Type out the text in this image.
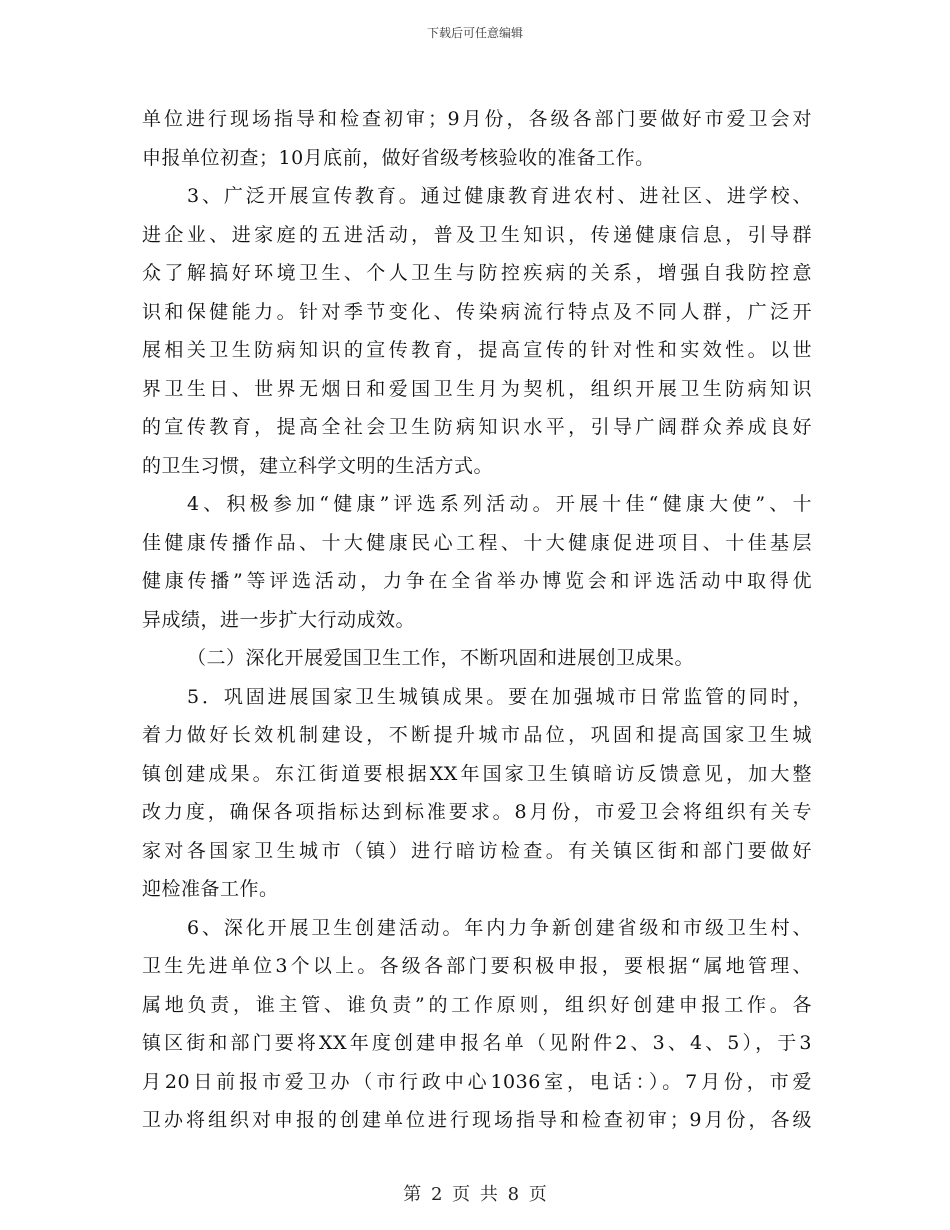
下载后可任意编辑
单位进行现场指导和检查初审；9月份，各级各部门要做好市爱卫会对
申报单位初查；10月底前，做好省级考核验收的准备工作。
3、广泛开展宣传教育。通过健康教育进农村、进社区、进学校、
进企业、进家庭的五进活动，普及卫生知识，传递健康信息，引导群
众了解搞好环境卫生、个人卫生与防控疾病的关系，增强自我防控意
识和保健能力。针对季节变化、传染病流行特点及不同人群，广泛开
展相关卫生防病知识的宣传教育，提高宣传的针对性和实效性。以世
界卫生日、世界无烟日和爱国卫生月为契机，组织开展卫生防病知识
的宣传教育，提高全社会卫生防病知识水平，引导广阔群众养成良好
的卫生习惯，建立科学文明的生活方式。
4、积极参加“健康”评选系列活动。开展十佳“健康大使”、十
佳健康传播作品、十大健康民心工程、十大健康促进项目、十佳基层
健康传播”等评选活动，力争在全省举办博览会和评选活动中取得优
异成绩，进一步扩大行动成效。
（二）深化开展爱国卫生工作，不断巩固和进展创卫成果。
5．巩固进展国家卫生城镇成果。要在加强城市日常监管的同时，
着力做好长效机制建设，不断提升城市品位，巩固和提高国家卫生城
镇创建成果。东江街道要根据XX年国家卫生镇暗访反馈意见，加大整
改力度，确保各项指标达到标准要求。8月份，市爱卫会将组织有关专
家对各国家卫生城市（镇）进行暗访检查。有关镇区街和部门要做好
迎检准备工作。
6、深化开展卫生创建活动。年内力争新创建省级和市级卫生村、
卫生先进单位3个以上。各级各部门要积极申报，要根据“属地管理、
属地负责，谁主管、谁负责”的工作原则，组织好创建申报工作。各
镇区街和部门要将XX年度创建申报名单（见附件2、3、4、5），于3
月20日前报市爱卫办（市行政中心1036室，电话：）。7月份，市爱
卫办将组织对申报的创建单位进行现场指导和检查初审；9月份，各级
第 2 页 共 8 页
